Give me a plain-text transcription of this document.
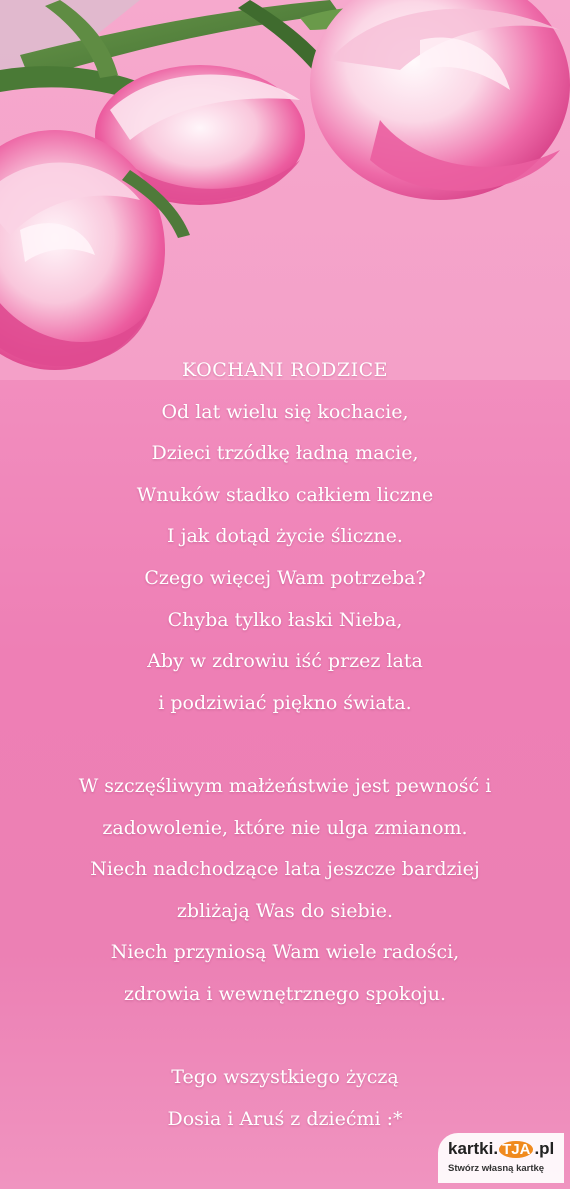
KOCHANI RODZICE
Od lat wielu się kochacie,
Dzieci trzódkę ładną macie,
Wnuków stadko całkiem liczne
I jak dotąd życie śliczne.
Czego więcej Wam potrzeba?
Chyba tylko łaski Nieba,
Aby w zdrowiu iść przez lata
i podziwiać piękno świata.
W szczęśliwym małżeństwie jest pewność i
zadowolenie, które nie ulga zmianom.
Niech nadchodzące lata jeszcze bardziej
zbliżają Was do siebie.
Niech przyniosą Wam wiele radości,
zdrowia i wewnętrznego spokoju.
Tego wszystkiego życzą
Dosia i Aruś z dziećmi :*
kartki. TJA .pl
Stwórz własną kartkę
